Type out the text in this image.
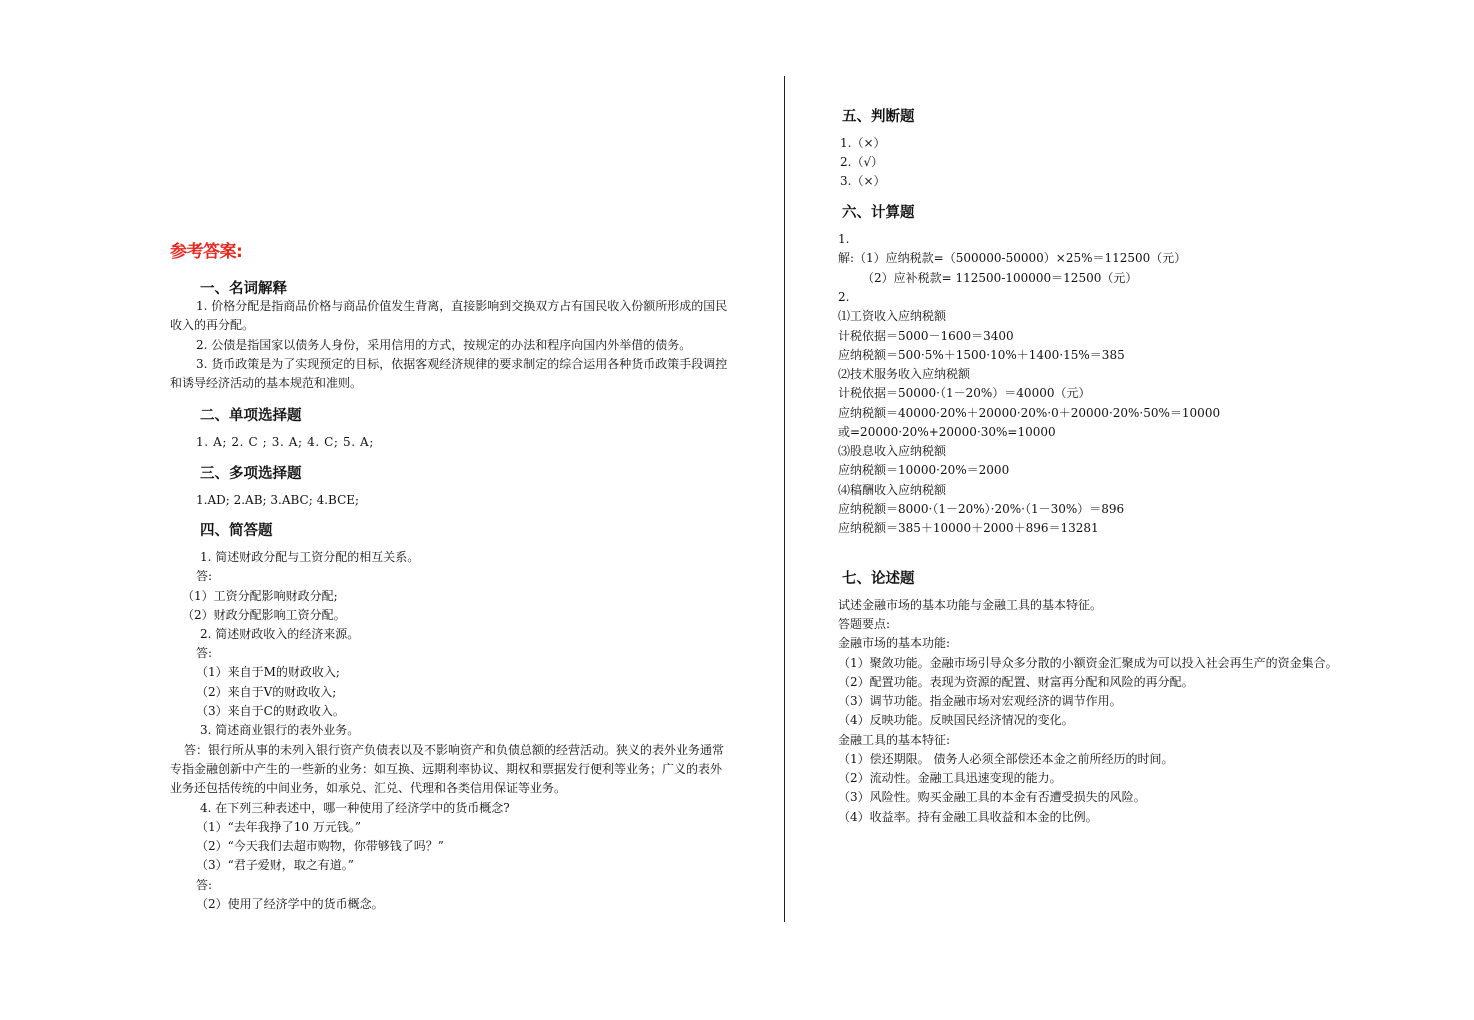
参考答案:
一、名词解释
1. 价格分配是指商品价格与商品价值发生背离，直接影响到交换双方占有国民收入份额所形成的国民
收入的再分配。
2. 公债是指国家以债务人身份，采用信用的方式，按规定的办法和程序向国内外举借的债务。
3. 货币政策是为了实现预定的目标，依据客观经济规律的要求制定的综合运用各种货币政策手段调控
和诱导经济活动的基本规范和准则。
二、单项选择题
1. A; 2. C ; 3. A; 4. C; 5. A;
三、多项选择题
1.AD; 2.AB; 3.ABC; 4.BCE;
四、简答题
1. 简述财政分配与工资分配的相互关系。
答:
（1）工资分配影响财政分配;
（2）财政分配影响工资分配。
2. 简述财政收入的经济来源。
答:
（1）来自于M的财政收入;
（2）来自于V的财政收入;
（3）来自于C的财政收入。
3. 简述商业银行的表外业务。
答：银行所从事的未列入银行资产负债表以及不影响资产和负债总额的经营活动。狭义的表外业务通常
专指金融创新中产生的一些新的业务：如互换、远期利率协议、期权和票据发行便利等业务；广义的表外
业务还包括传统的中间业务，如承兑、汇兑、代理和各类信用保证等业务。
4. 在下列三种表述中，哪一种使用了经济学中的货币概念?
（1）“去年我挣了10 万元钱。”
（2）“今天我们去超市购物，你带够钱了吗？”
（3）“君子爱财，取之有道。”
答:
（2）使用了经济学中的货币概念。
五、判断题
1.（×）
2.（√）
3.（×）
六、计算题
1.
解:（1）应纳税款=（500000-50000）×25%＝112500（元）
（2）应补税款= 112500-100000＝12500（元）
2.
⑴工资收入应纳税额
计税依据＝5000－1600＝3400
应纳税额＝500·5%＋1500·10%＋1400·15%＝385
⑵技术服务收入应纳税额
计税依据＝50000·（1－20%）＝40000（元）
应纳税额＝40000·20%＋20000·20%·0＋20000·20%·50%＝10000
或=20000·20%+20000·30%=10000
⑶股息收入应纳税额
应纳税额＝10000·20%＝2000
⑷稿酬收入应纳税额
应纳税额＝8000·（1－20%）·20%·（1－30%）＝896
应纳税额＝385＋10000＋2000＋896＝13281
七、论述题
试述金融市场的基本功能与金融工具的基本特征。
答题要点:
金融市场的基本功能:
（1）聚敛功能。金融市场引导众多分散的小额资金汇聚成为可以投入社会再生产的资金集合。
（2）配置功能。表现为资源的配置、财富再分配和风险的再分配。
（3）调节功能。指金融市场对宏观经济的调节作用。
（4）反映功能。反映国民经济情况的变化。
金融工具的基本特征:
（1）偿还期限。 债务人必须全部偿还本金之前所经历的时间。
（2）流动性。金融工具迅速变现的能力。
（3）风险性。购买金融工具的本金有否遭受损失的风险。
（4）收益率。持有金融工具收益和本金的比例。
